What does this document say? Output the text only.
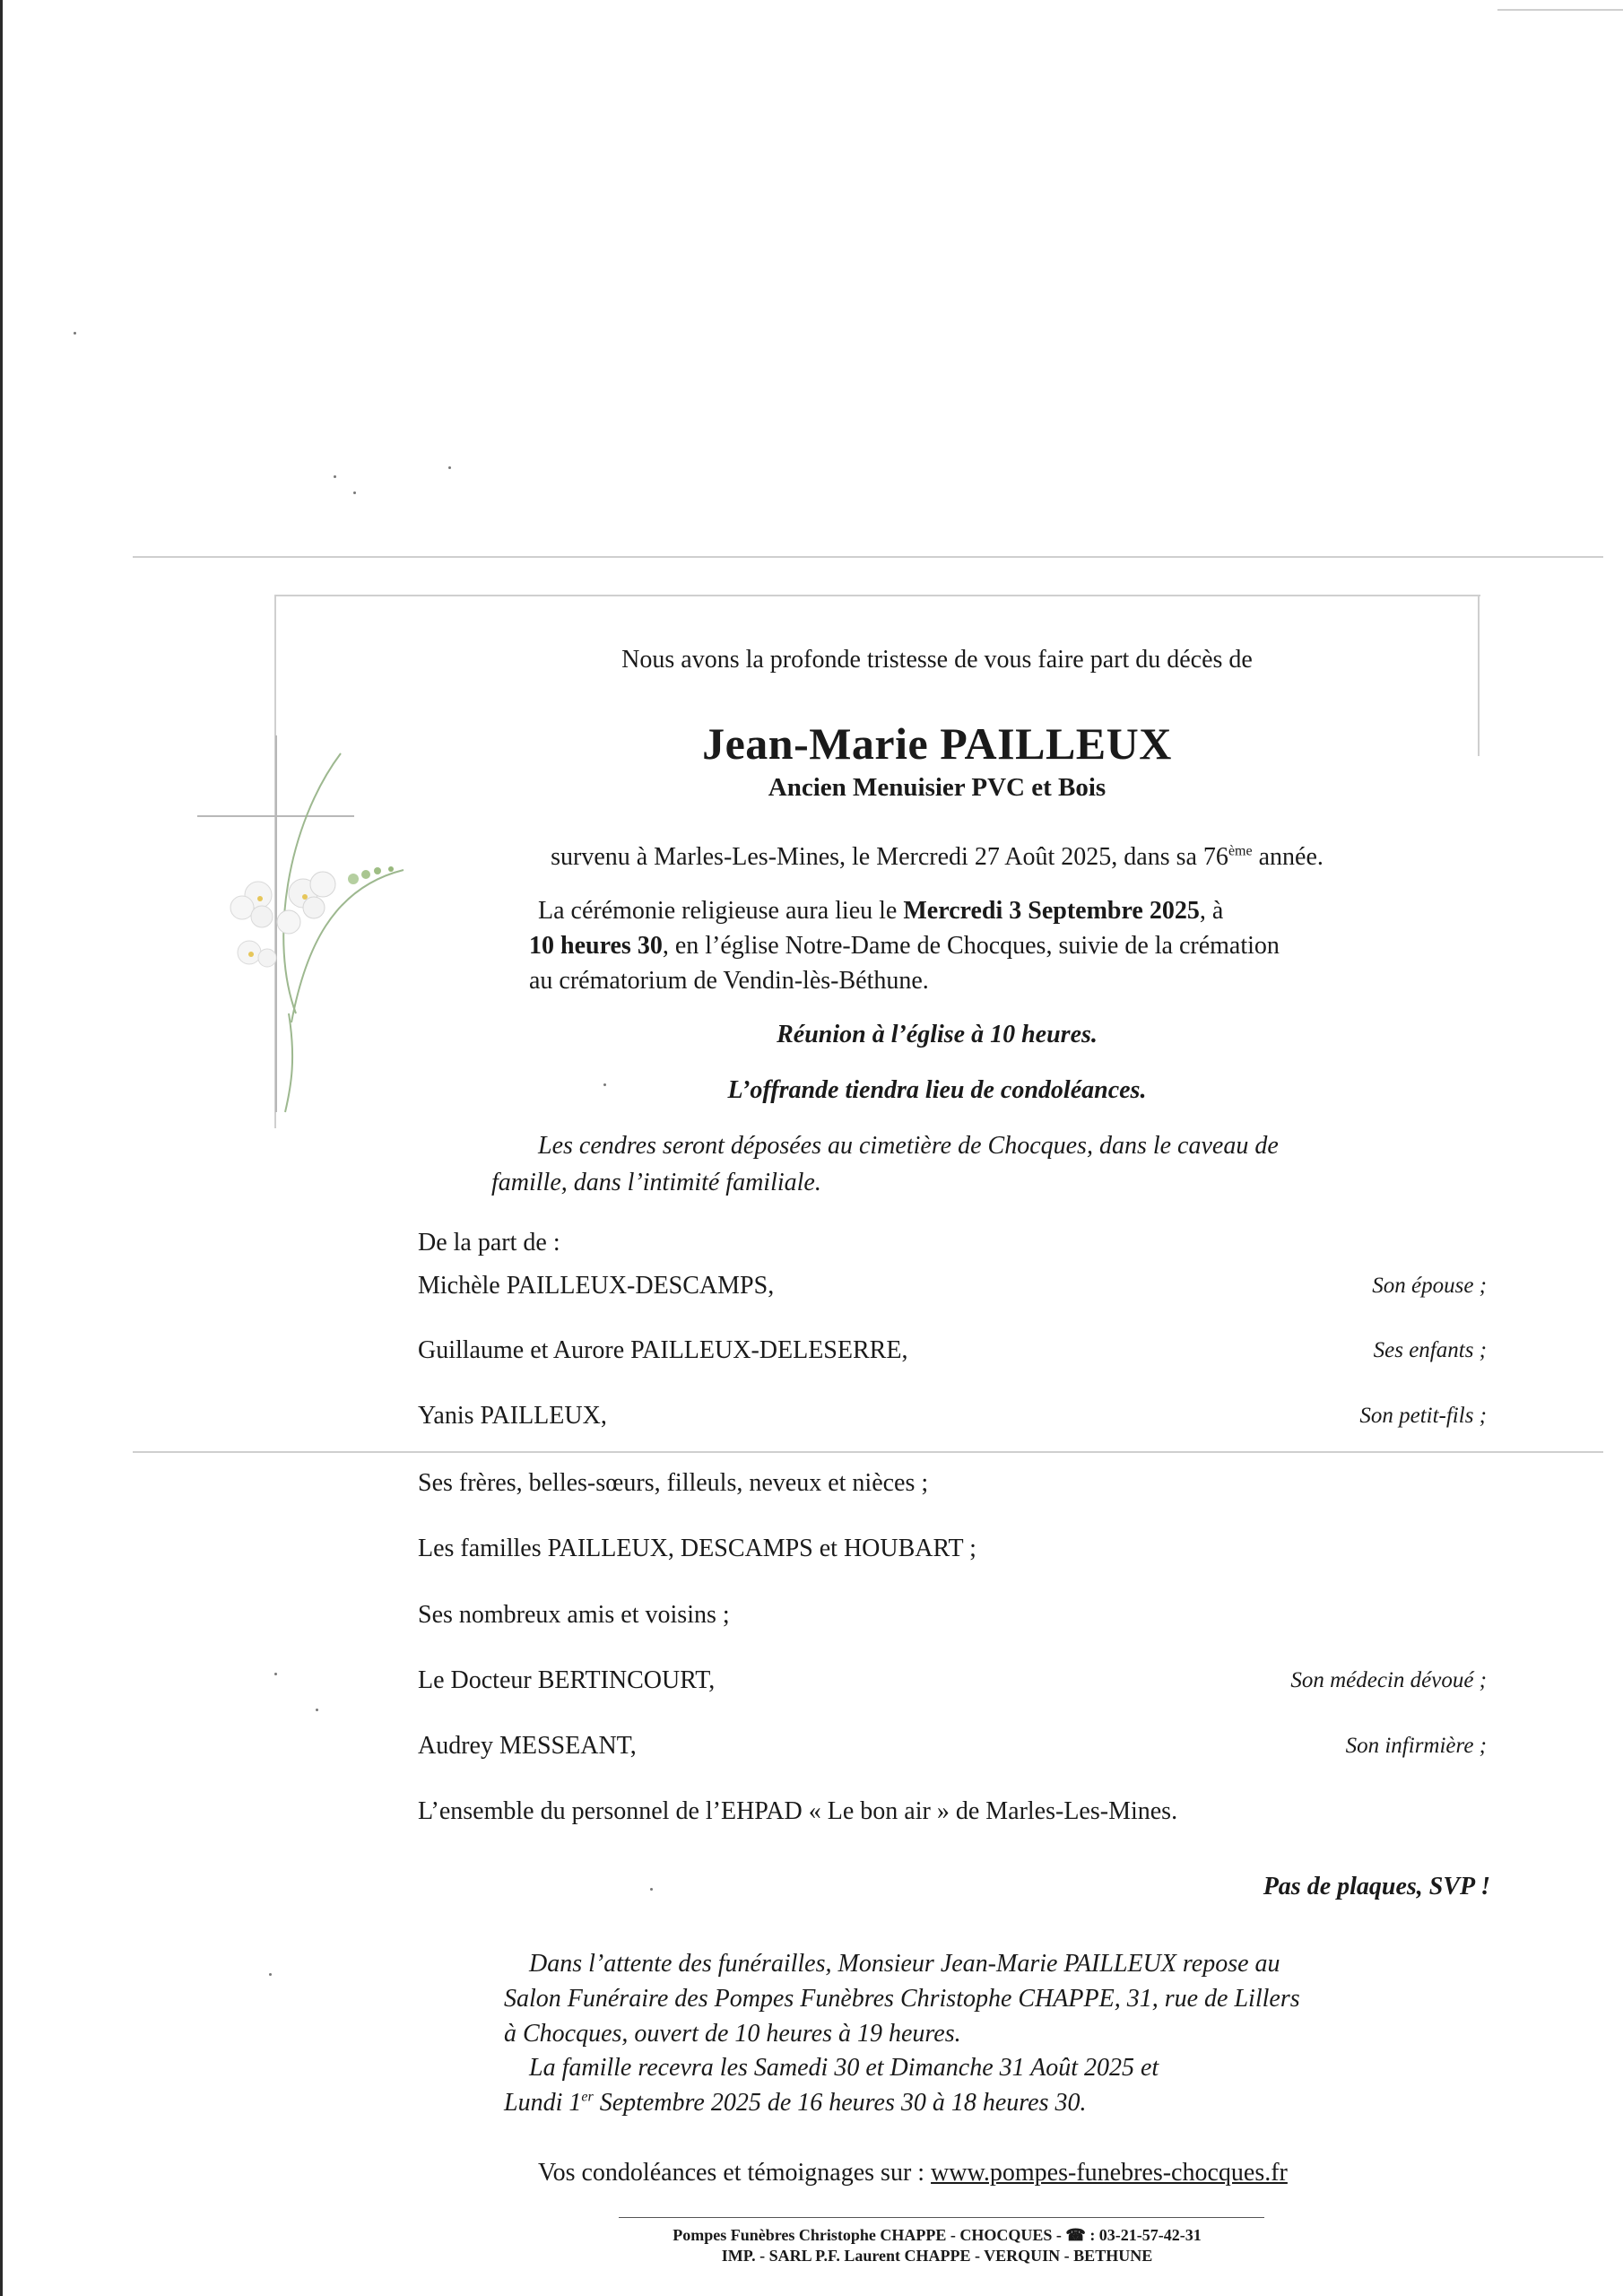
Nous avons la profonde tristesse de vous faire part du décès de
Jean-Marie PAILLEUX
Ancien Menuisier PVC et Bois
survenu à Marles-Les-Mines, le Mercredi 27 Août 2025, dans sa 76ème année.
La cérémonie religieuse aura lieu le Mercredi 3 Septembre 2025, à
10 heures 30, en l’église Notre-Dame de Chocques, suivie de la crémation
au crématorium de Vendin-lès-Béthune.
Réunion à l’église à 10 heures.
L’offrande tiendra lieu de condoléances.
Les cendres seront déposées au cimetière de Chocques, dans le caveau de
famille, dans l’intimité familiale.
De la part de :
Michèle PAILLEUX-DESCAMPS,	Son épouse ;
Guillaume et Aurore PAILLEUX-DELESERRE,	Ses enfants ;
Yanis PAILLEUX,	Son petit-fils ;
Ses frères, belles-sœurs, filleuls, neveux et nièces ;
Les familles PAILLEUX, DESCAMPS et HOUBART ;
Ses nombreux amis et voisins ;
Le Docteur BERTINCOURT,	Son médecin dévoué ;
Audrey MESSEANT,	Son infirmière ;
L’ensemble du personnel de l’EHPAD « Le bon air » de Marles-Les-Mines.
Pas de plaques, SVP !
Dans l’attente des funérailles, Monsieur Jean-Marie PAILLEUX repose au
Salon Funéraire des Pompes Funèbres Christophe CHAPPE, 31, rue de Lillers
à Chocques, ouvert de 10 heures à 19 heures.
La famille recevra les Samedi 30 et Dimanche 31 Août 2025 et
Lundi 1er Septembre 2025 de 16 heures 30 à 18 heures 30.
Vos condoléances et témoignages sur : www.pompes-funebres-chocques.fr
Pompes Funèbres Christophe CHAPPE - CHOCQUES - ☎ : 03-21-57-42-31
IMP. - SARL P.F. Laurent CHAPPE - VERQUIN - BETHUNE
